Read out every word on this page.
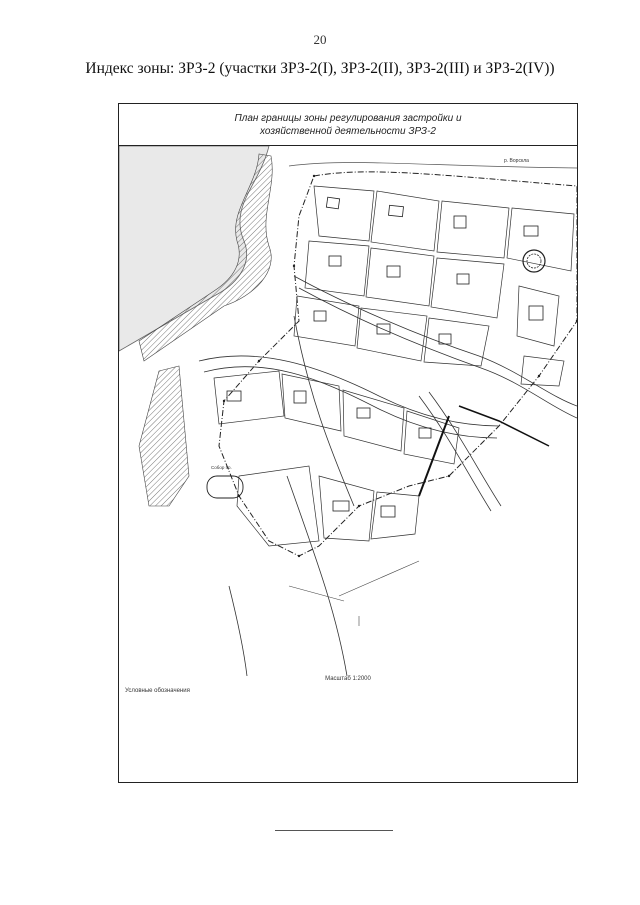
20
Индекс зоны: ЗРЗ-2 (участки ЗРЗ-2(I), ЗРЗ-2(II), ЗРЗ-2(III) и ЗРЗ-2(IV))
План границы зоны регулирования застройки и
хозяйственной деятельности ЗРЗ-2
р. Ворскла
Собор пр.
Масштаб 1:2000
Условные обозначения
